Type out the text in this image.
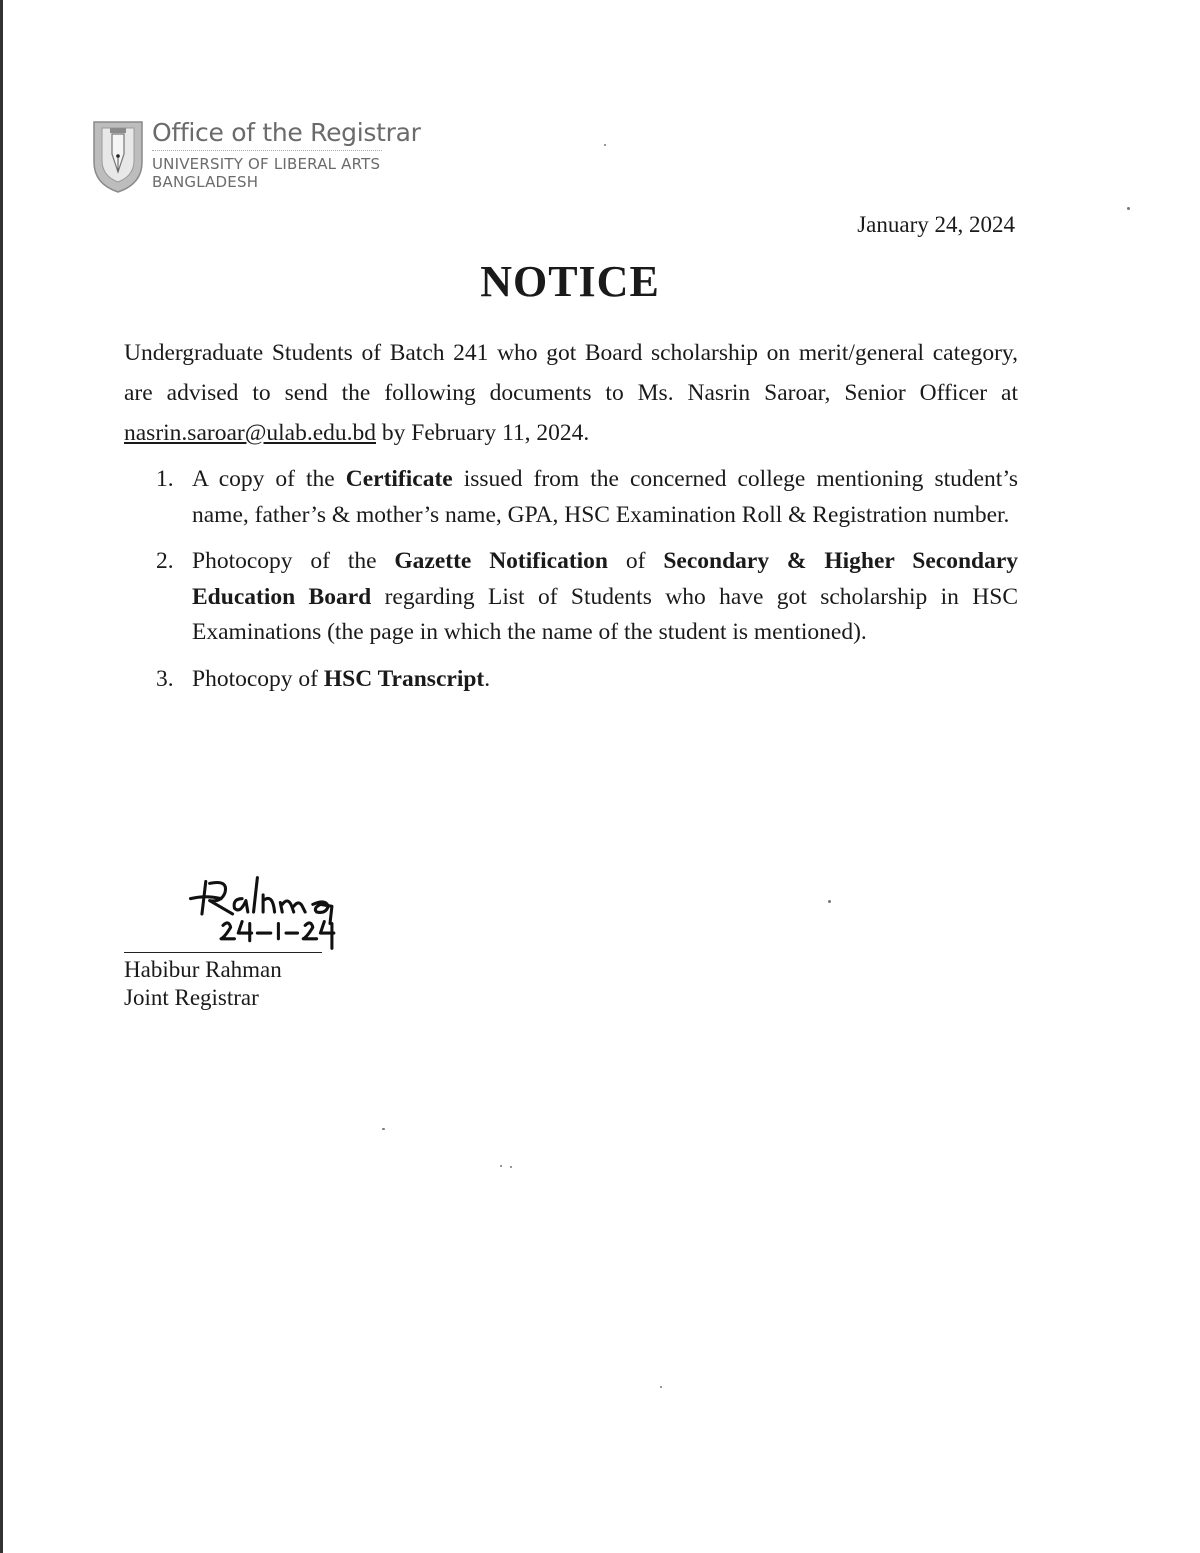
Office of the Registrar
UNIVERSITY OF LIBERAL ARTS
BANGLADESH
January 24, 2024
NOTICE
Undergraduate Students of Batch 241 who got Board scholarship on merit/general category, are advised to send the following documents to Ms. Nasrin Saroar, Senior Officer at nasrin.saroar@ulab.edu.bd by February 11, 2024.
1. A copy of the Certificate issued from the concerned college mentioning student’s name, father’s & mother’s name, GPA, HSC Examination Roll & Registration number.
2. Photocopy of the Gazette Notification of Secondary & Higher Secondary Education Board regarding List of Students who have got scholarship in HSC Examinations (the page in which the name of the student is mentioned).
3. Photocopy of HSC Transcript.
Habibur Rahman
Joint Registrar
